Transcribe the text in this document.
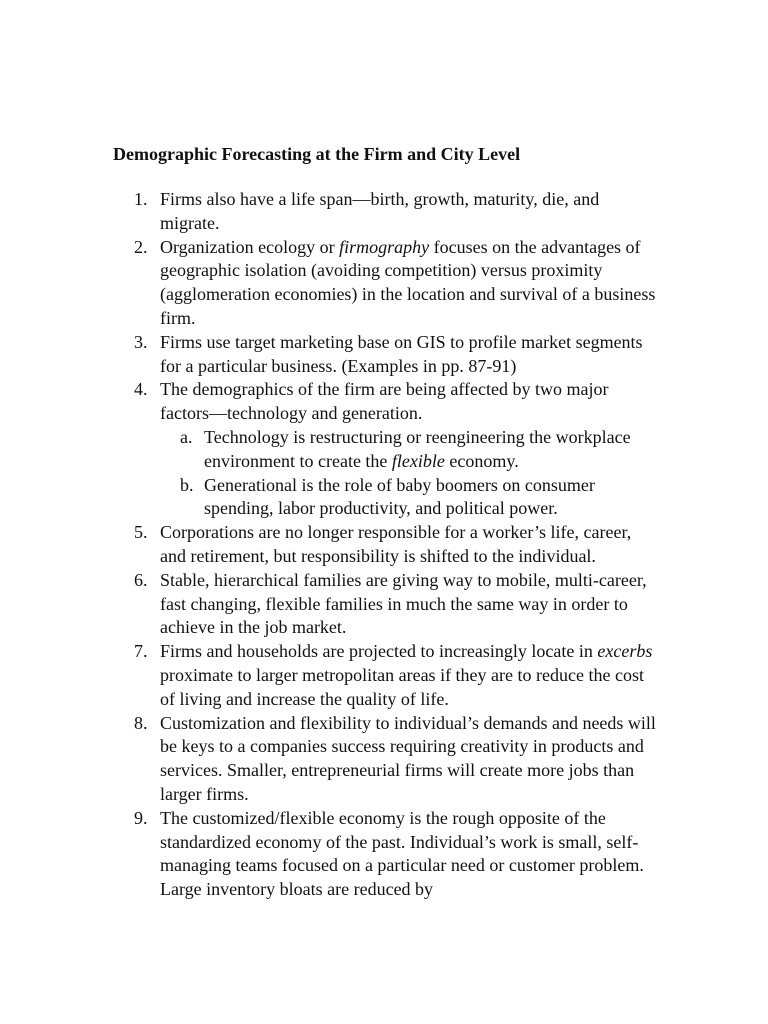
Demographic Forecasting at the Firm and City Level
1. Firms also have a life span—birth, growth, maturity, die, and migrate.
2. Organization ecology or firmography focuses on the advantages of geographic isolation (avoiding competition) versus proximity (agglomeration economies) in the location and survival of a business firm.
3. Firms use target marketing base on GIS to profile market segments for a particular business. (Examples in pp. 87-91)
4. The demographics of the firm are being affected by two major factors—technology and generation.
a. Technology is restructuring or reengineering the workplace environment to create the flexible economy.
b. Generational is the role of baby boomers on consumer spending, labor productivity, and political power.
5. Corporations are no longer responsible for a worker’s life, career, and retirement, but responsibility is shifted to the individual.
6. Stable, hierarchical families are giving way to mobile, multi-career, fast changing, flexible families in much the same way in order to achieve in the job market.
7. Firms and households are projected to increasingly locate in excerbs proximate to larger metropolitan areas if they are to reduce the cost of living and increase the quality of life.
8. Customization and flexibility to individual’s demands and needs will be keys to a companies success requiring creativity in products and services. Smaller, entrepreneurial firms will create more jobs than larger firms.
9. The customized/flexible economy is the rough opposite of the standardized economy of the past. Individual’s work is small, self-managing teams focused on a particular need or customer problem. Large inventory bloats are reduced by
